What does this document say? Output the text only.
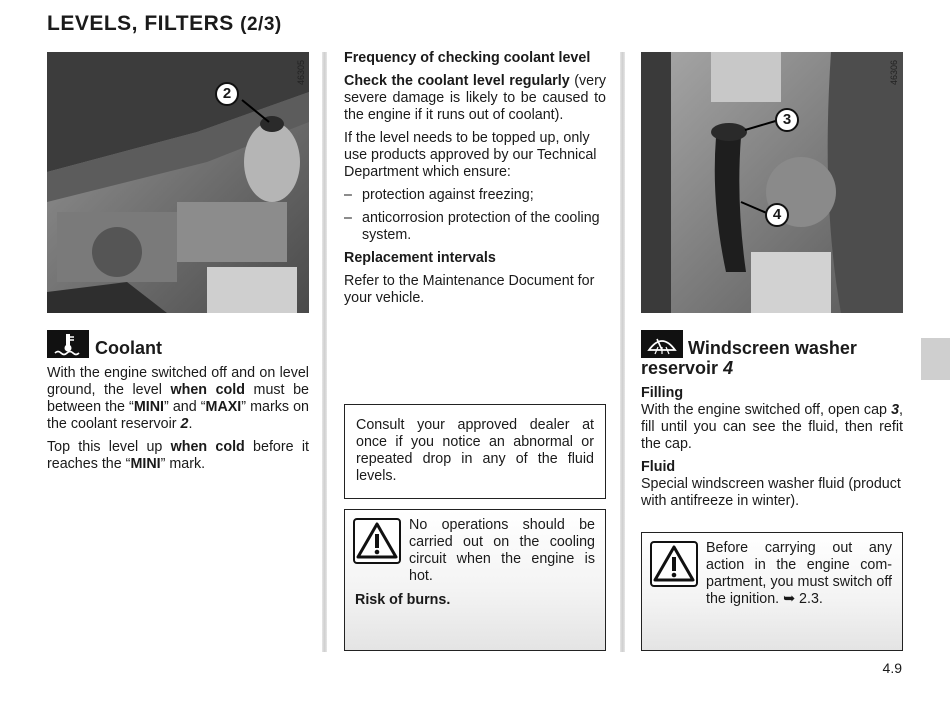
LEVELS, FILTERS (2/3)
46305
2
Coolant

With the engine switched off and on level ground, the level when cold must be between the “MINI” and “MAXI” marks on the coolant reservoir 2.

Top this level up when cold before it reaches the “MINI” mark.

Frequency of checking coolant level

Check the coolant level regularly (very severe damage is likely to be caused to the engine if it runs out of coolant).

If the level needs to be topped up, only use products approved by our Technical Department which ensure:

– protection against freezing;
– anticorrosion protection of the cooling system.

Replacement intervals

Refer to the Maintenance Document for your vehicle.

Consult your approved dealer at once if you notice an abnormal or repeated drop in any of the fluid levels.
No operations should be carried out on the cooling circuit when the engine is hot.
Risk of burns.
46306
3
4
Windscreen washer reservoir 4

Filling

With the engine switched off, open cap 3, fill until you can see the fluid, then refit the cap.

Fluid

Special windscreen washer fluid (product with antifreeze in winter).

Before carrying out any action in the engine compartment, you must switch off the ignition. ➥ 2.3.
4.9
